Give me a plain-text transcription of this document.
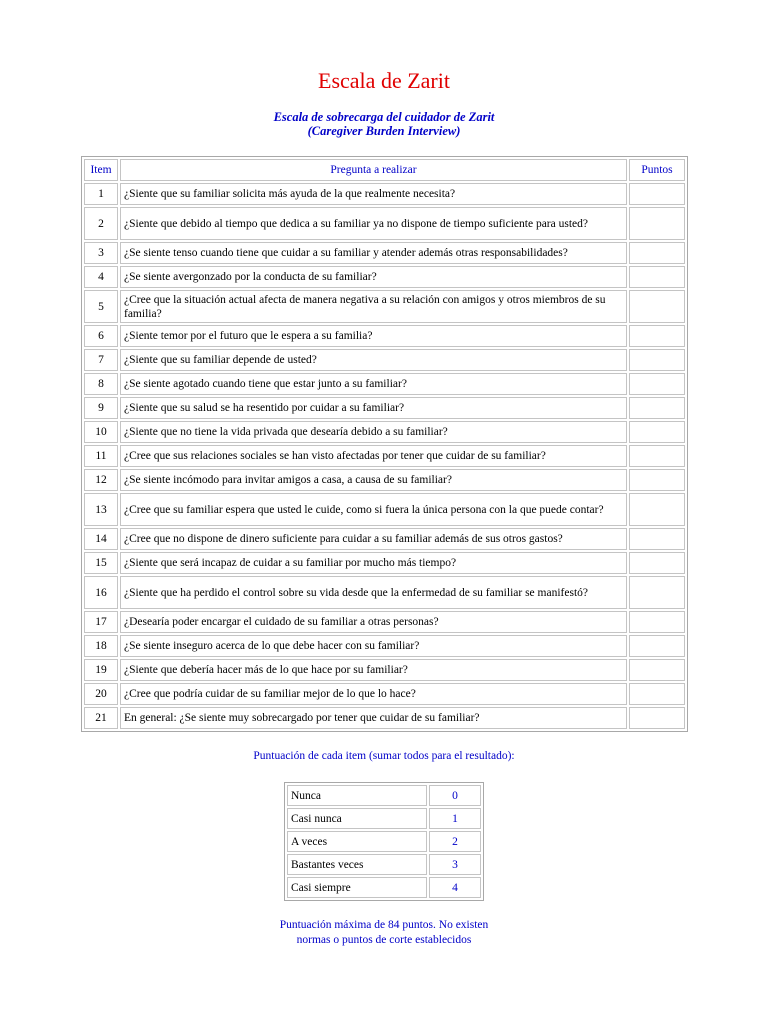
Escala de Zarit
Escala de sobrecarga del cuidador de Zarit
(Caregiver Burden Interview)
Item	Pregunta a realizar	Puntos
1	¿Siente que su familiar solicita más ayuda de la que realmente necesita?	
2	¿Siente que debido al tiempo que dedica a su familiar ya no dispone de tiempo suficiente para usted?	
3	¿Se siente tenso cuando tiene que cuidar a su familiar y atender además otras responsabilidades?	
4	¿Se siente avergonzado por la conducta de su familiar?	
5	¿Cree que la situación actual afecta de manera negativa a su relación con amigos y otros miembros de su familia?	
6	¿Siente temor por el futuro que le espera a su familia?	
7	¿Siente que su familiar depende de usted?	
8	¿Se siente agotado cuando tiene que estar junto a su familiar?	
9	¿Siente que su salud se ha resentido por cuidar a su familiar?	
10	¿Siente que no tiene la vida privada que desearía debido a su familiar?	
11	¿Cree que sus relaciones sociales se han visto afectadas por tener que cuidar de su familiar?	
12	¿Se siente incómodo para invitar amigos a casa, a causa de su familiar?	
13	¿Cree que su familiar espera que usted le cuide, como si fuera la única persona con la que puede contar?	
14	¿Cree que no dispone de dinero suficiente para cuidar a su familiar además de sus otros gastos?	
15	¿Siente que será incapaz de cuidar a su familiar por mucho más tiempo?	
16	¿Siente que ha perdido el control sobre su vida desde que la enfermedad de su familiar se manifestó?	
17	¿Desearía poder encargar el cuidado de su familiar a otras personas?	
18	¿Se siente inseguro acerca de lo que debe hacer con su familiar?	
19	¿Siente que debería hacer más de lo que hace por su familiar?	
20	¿Cree que podría cuidar de su familiar mejor de lo que lo hace?	
21	En general: ¿Se siente muy sobrecargado por tener que cuidar de su familiar?	
Puntuación de cada item (sumar todos para el resultado):
Nunca	0
Casi nunca	1
A veces	2
Bastantes veces	3
Casi siempre	4
Puntuación máxima de 84 puntos. No existen
normas o puntos de corte establecidos
